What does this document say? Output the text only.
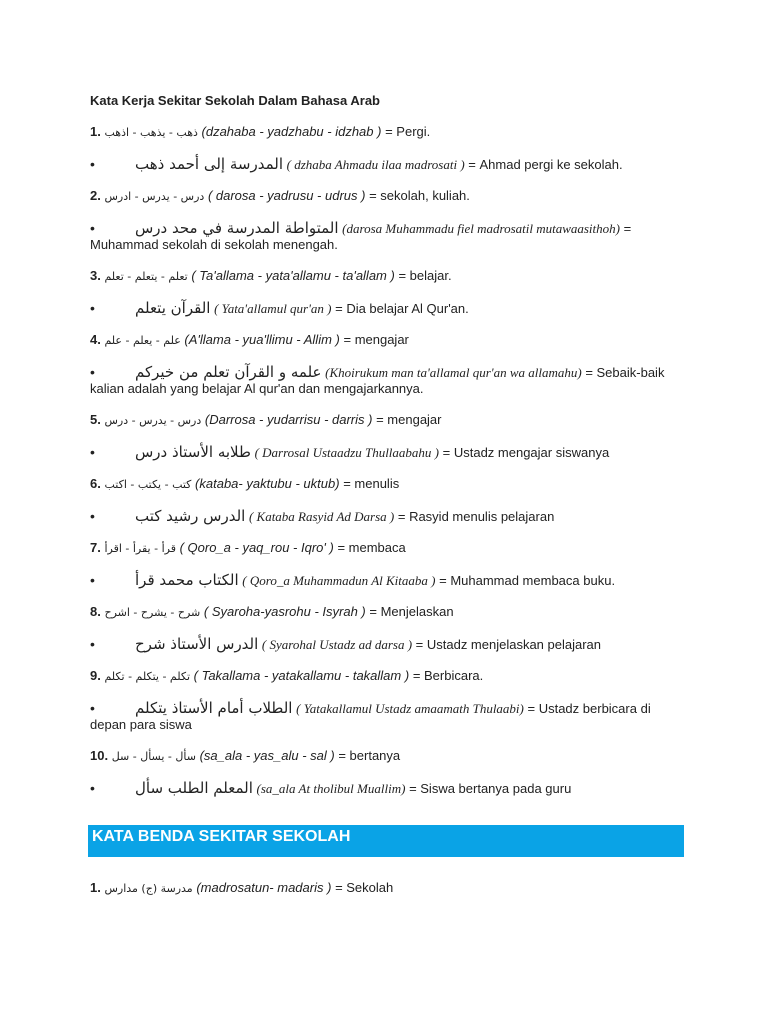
Kata Kerja Sekitar Sekolah Dalam Bahasa Arab
1. ذهب - يذهب - اذهب (dzahaba - yadzhabu - idzhab ) = Pergi.
•	المدرسة إلى أحمد ذهب ( dzhaba Ahmadu ilaa madrosati ) = Ahmad pergi ke sekolah.
2. درس - يدرس - ادرس ( darosa - yadrusu - udrus ) = sekolah, kuliah.
•	المتواطة المدرسة في محد درس (darosa Muhammadu fiel madrosatil mutawaasithoh) =
Muhammad sekolah di sekolah menengah.
3. تعلم - يتعلم - تعلم ( Ta'allama - yata'allamu - ta'allam ) = belajar.
•	القرآن يتعلم ( Yata'allamul qur'an ) = Dia belajar Al Qur'an.
4. علم - يعلم - علم (A'llama - yua'llimu - Allim ) = mengajar
•	علمه و القرآن تعلم من خيركم (Khoirukum man ta'allamal qur'an wa allamahu) = Sebaik-baik
kalian adalah yang belajar Al qur'an dan mengajarkannya.
5. درس - يدرس - درس (Darrosa - yudarrisu - darris ) = mengajar
•	طلابه الأستاذ درس ( Darrosal Ustaadzu Thullaabahu ) = Ustadz mengajar siswanya
6. كتب - يكتب - اكتب (kataba- yaktubu - uktub) = menulis
•	الدرس رشيد كتب ( Kataba Rasyid Ad Darsa ) = Rasyid menulis pelajaran
7. قرأ - يقرأ - اقرأ ( Qoro_a - yaq_rou - Iqro' ) = membaca
•	الكتاب محمد قرأ ( Qoro_a Muhammadun Al Kitaaba ) = Muhammad membaca buku.
8. شرح - يشرح - اشرح ( Syaroha-yasrohu - Isyrah ) = Menjelaskan
•	الدرس الأستاذ شرح ( Syarohal Ustadz ad darsa ) = Ustadz menjelaskan pelajaran
9. تكلم - يتكلم - تكلم ( Takallama - yatakallamu - takallam ) = Berbicara.
•	الطلاب أمام الأستاذ يتكلم ( Yatakallamul Ustadz amaamath Thulaabi) = Ustadz berbicara di
depan para siswa
10. سأل - يسأل - سل (sa_ala - yas_alu - sal ) = bertanya
•	المعلم الطلب سأل (sa_ala At tholibul Muallim) = Siswa bertanya pada guru
KATA BENDA SEKITAR SEKOLAH
1. مدرسة (ج) مدارس (madrosatun- madaris ) = Sekolah
